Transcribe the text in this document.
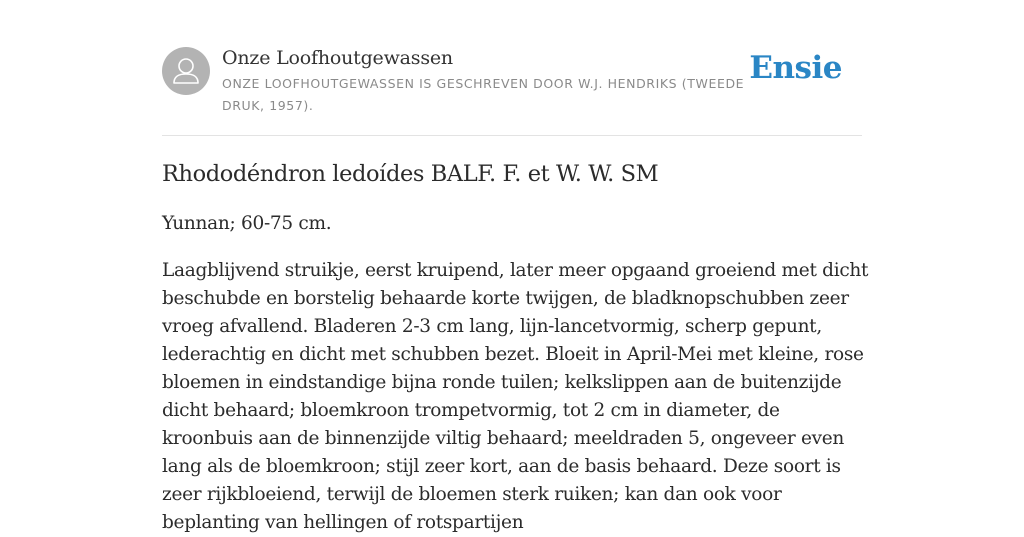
Onze Loofhoutgewassen
ONZE LOOFHOUTGEWASSEN IS GESCHREVEN DOOR W.J. HENDRIKS (TWEEDE DRUK, 1957).
Ensie
Rhododéndron ledoídes BALF. F. et W. W. SM

Yunnan; 60-75 cm.

Laagblijvend struikje, eerst kruipend, later meer opgaand groeiend met dicht beschubde en borstelig behaarde korte twijgen, de bladknopschubben zeer vroeg afvallend. Bladeren 2-3 cm lang, lijn-lancetvormig, scherp gepunt, lederachtig en dicht met schubben bezet. Bloeit in April-Mei met kleine, rose bloemen in eindstandige bijna ronde tuilen; kelkslippen aan de buitenzijde dicht behaard; bloemkroon trompetvormig, tot 2 cm in diameter, de kroonbuis aan de binnenzijde viltig behaard; meeldraden 5, ongeveer even lang als de bloemkroon; stijl zeer kort, aan de basis behaard. Deze soort is zeer rijkbloeiend, terwijl de bloemen sterk ruiken; kan dan ook voor beplanting van hellingen of rotspartijen
